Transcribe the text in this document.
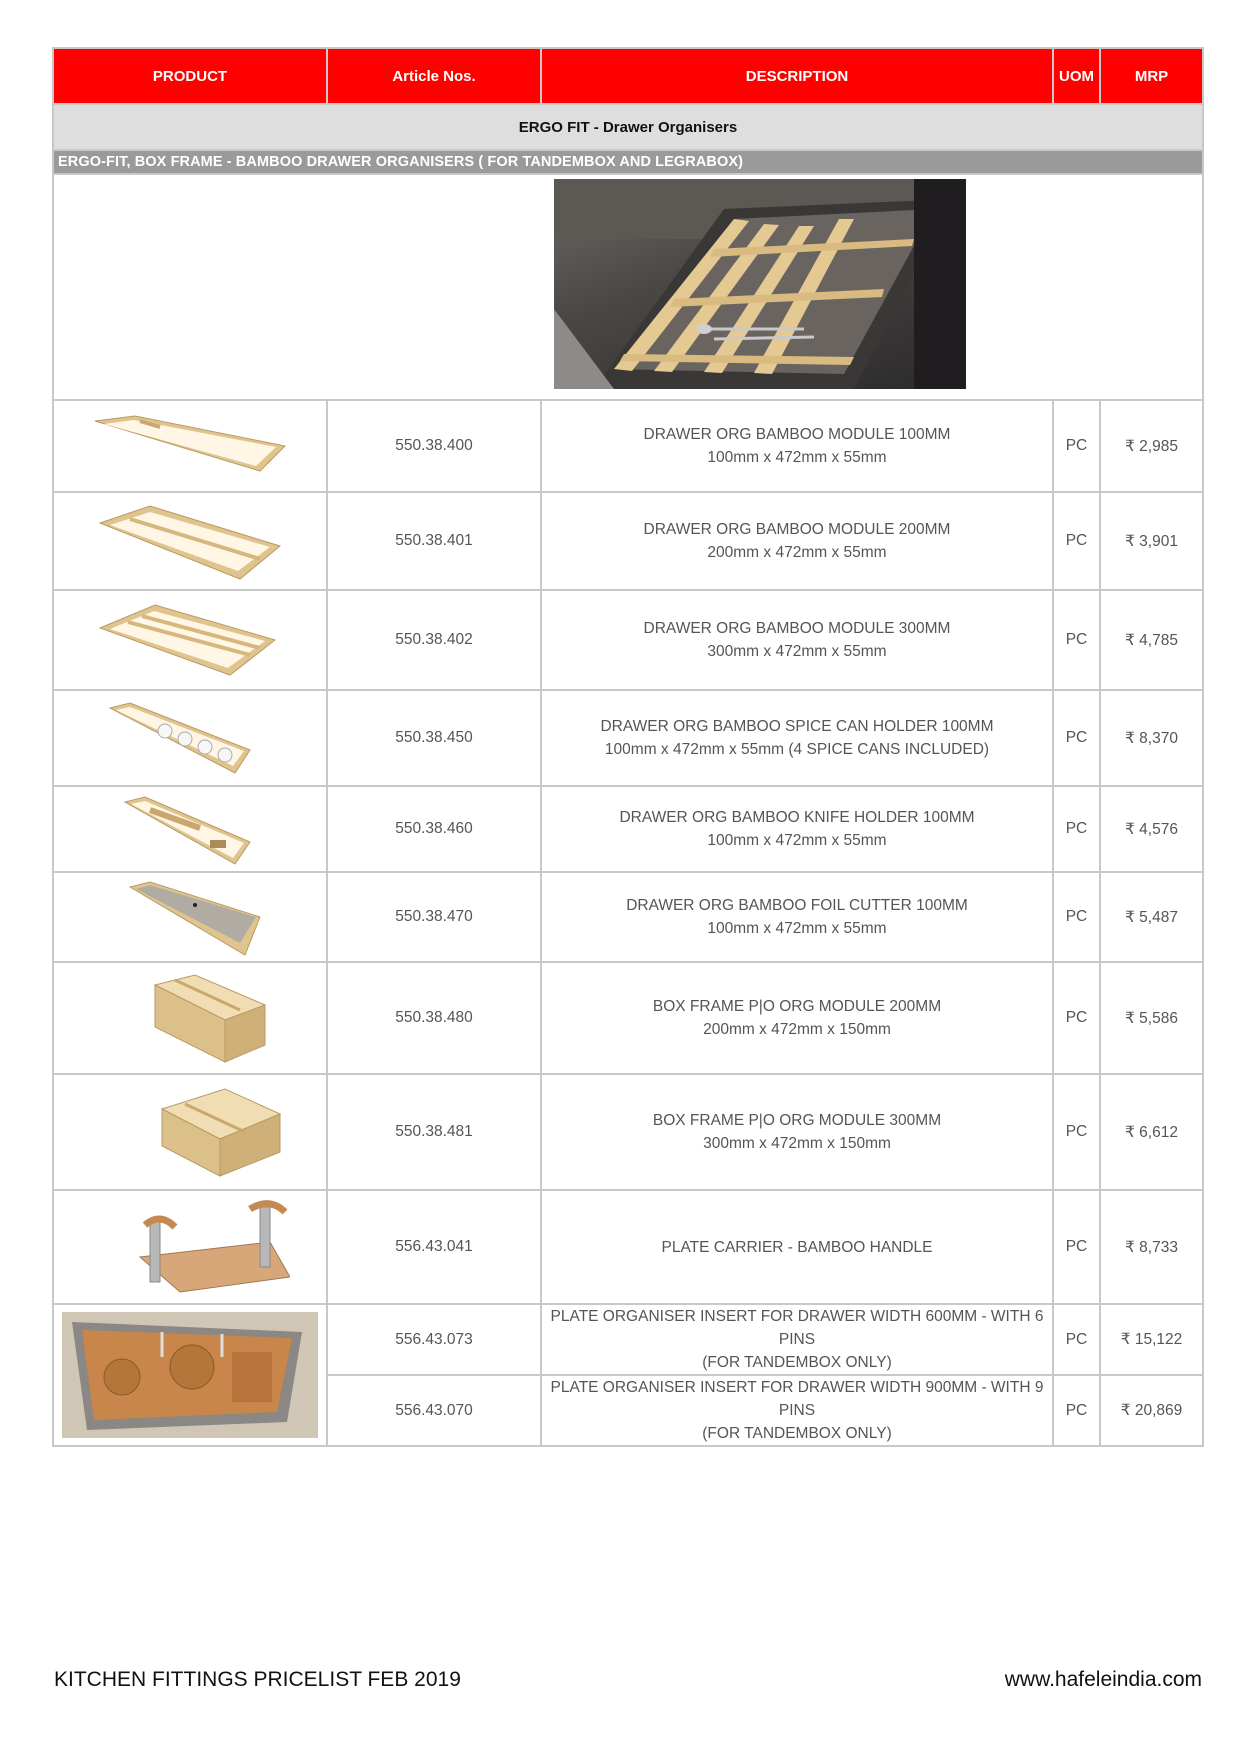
PRODUCT	Article Nos.	DESCRIPTION	UOM	MRP
ERGO FIT - Drawer Organisers				
ERGO-FIT, BOX FRAME - BAMBOO DRAWER ORGANISERS ( FOR TANDEMBOX AND LEGRABOX)				

	550.38.400	DRAWER ORG BAMBOO MODULE 100MM
100mm x 472mm x 55mm	PC	₹ 2,985

	550.38.401	DRAWER ORG BAMBOO MODULE 200MM
200mm x 472mm x 55mm	PC	₹ 3,901

	550.38.402	DRAWER ORG BAMBOO MODULE 300MM
300mm x 472mm x 55mm	PC	₹ 4,785

	550.38.450	DRAWER ORG BAMBOO SPICE CAN HOLDER 100MM
100mm x 472mm x 55mm (4 SPICE CANS INCLUDED)	PC	₹ 8,370

	550.38.460	DRAWER ORG BAMBOO KNIFE HOLDER 100MM
100mm x 472mm x 55mm	PC	₹ 4,576

	550.38.470	DRAWER ORG BAMBOO FOIL CUTTER 100MM
100mm x 472mm x 55mm	PC	₹ 5,487

	550.38.480	BOX FRAME P|O ORG MODULE 200MM
200mm x 472mm x 150mm	PC	₹ 5,586

	550.38.481	BOX FRAME P|O ORG MODULE 300MM
300mm x 472mm x 150mm	PC	₹ 6,612

	556.43.041	PLATE CARRIER - BAMBOO HANDLE	PC	₹ 8,733

	556.43.073	PLATE ORGANISER INSERT FOR DRAWER WIDTH 600MM - WITH 6 PINS
(FOR TANDEMBOX ONLY)	PC	₹ 15,122
	556.43.070	PLATE ORGANISER INSERT FOR DRAWER WIDTH 900MM - WITH 9 PINS
(FOR TANDEMBOX ONLY)	PC	₹ 20,869
KITCHEN FITTINGS PRICELIST FEB 2019	www.hafeleindia.com
